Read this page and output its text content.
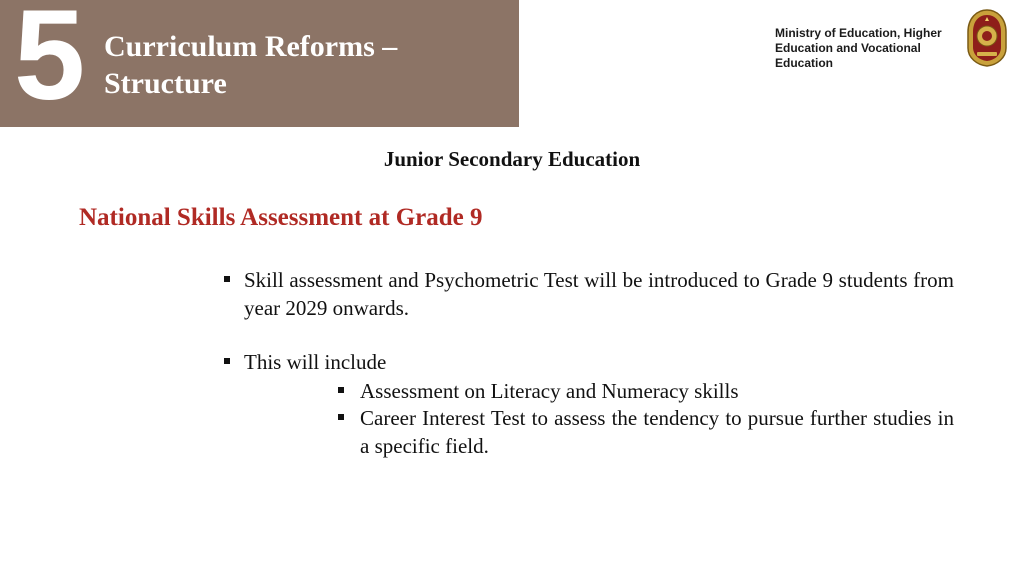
5 Curriculum Reforms – Structure
Ministry of Education, Higher Education and Vocational Education
Junior Secondary Education
National Skills Assessment at Grade 9
Skill assessment and Psychometric Test will be introduced to Grade 9 students from year 2029 onwards.
This will include
Assessment on Literacy and Numeracy skills
Career Interest Test to assess the tendency to pursue further studies in a specific field.
